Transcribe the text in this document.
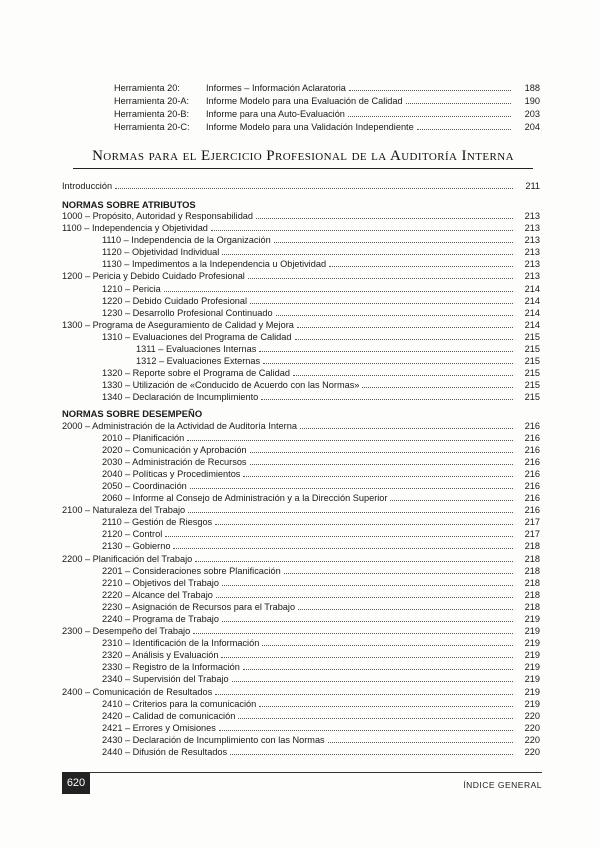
Herramienta 20:	Informes – Información Aclaratoria	188
Herramienta 20-A:	Informe Modelo para una Evaluación de Calidad	190
Herramienta 20-B:	Informe para una Auto-Evaluación	203
Herramienta 20-C:	Informe Modelo para una Validación Independiente	204
Normas para el Ejercicio Profesional de la Auditoría Interna
Introducción	211
NORMAS SOBRE ATRIBUTOS
1000 – Propósito, Autoridad y Responsabilidad	213
1100 – Independencia y Objetividad	213
1110 – Independencia de la Organización	213
1120 – Objetividad Individual	213
1130 – Impedimentos a la Independencia u Objetividad	213
1200 – Pericia y Debido Cuidado Profesional	213
1210 – Pericia	214
1220 – Debido Cuidado Profesional	214
1230 – Desarrollo Profesional Continuado	214
1300 – Programa de Aseguramiento de Calidad y Mejora	214
1310 – Evaluaciones del Programa de Calidad	215
1311 – Evaluaciones Internas	215
1312 – Evaluaciones Externas	215
1320 – Reporte sobre el Programa de Calidad	215
1330 – Utilización de «Conducido de Acuerdo con las Normas»	215
1340 – Declaración de Incumplimiento	215
NORMAS SOBRE DESEMPEÑO
2000 – Administración de la Actividad de Auditoría Interna	216
2010 – Planificación	216
2020 – Comunicación y Aprobación	216
2030 – Administración de Recursos	216
2040 – Políticas y Procedimientos	216
2050 – Coordinación	216
2060 – Informe al Consejo de Administración y a la Dirección Superior	216
2100 – Naturaleza del Trabajo	216
2110 – Gestión de Riesgos	217
2120 – Control	217
2130 – Gobierno	218
2200 – Planificación del Trabajo	218
2201 – Consideraciones sobre Planificación	218
2210 – Objetivos del Trabajo	218
2220 – Alcance del Trabajo	218
2230 – Asignación de Recursos para el Trabajo	218
2240 – Programa de Trabajo	219
2300 – Desempeño del Trabajo	219
2310 – Identificación de la Información	219
2320 – Análisis y Evaluación	219
2330 – Registro de la Información	219
2340 – Supervisión del Trabajo	219
2400 – Comunicación de Resultados	219
2410 – Criterios para la comunicación	219
2420 – Calidad de comunicación	220
2421 – Errores y Omisiones	220
2430 – Declaración de Incumplimiento con las Normas	220
2440 – Difusión de Resultados	220
620	ÍNDICE GENERAL
